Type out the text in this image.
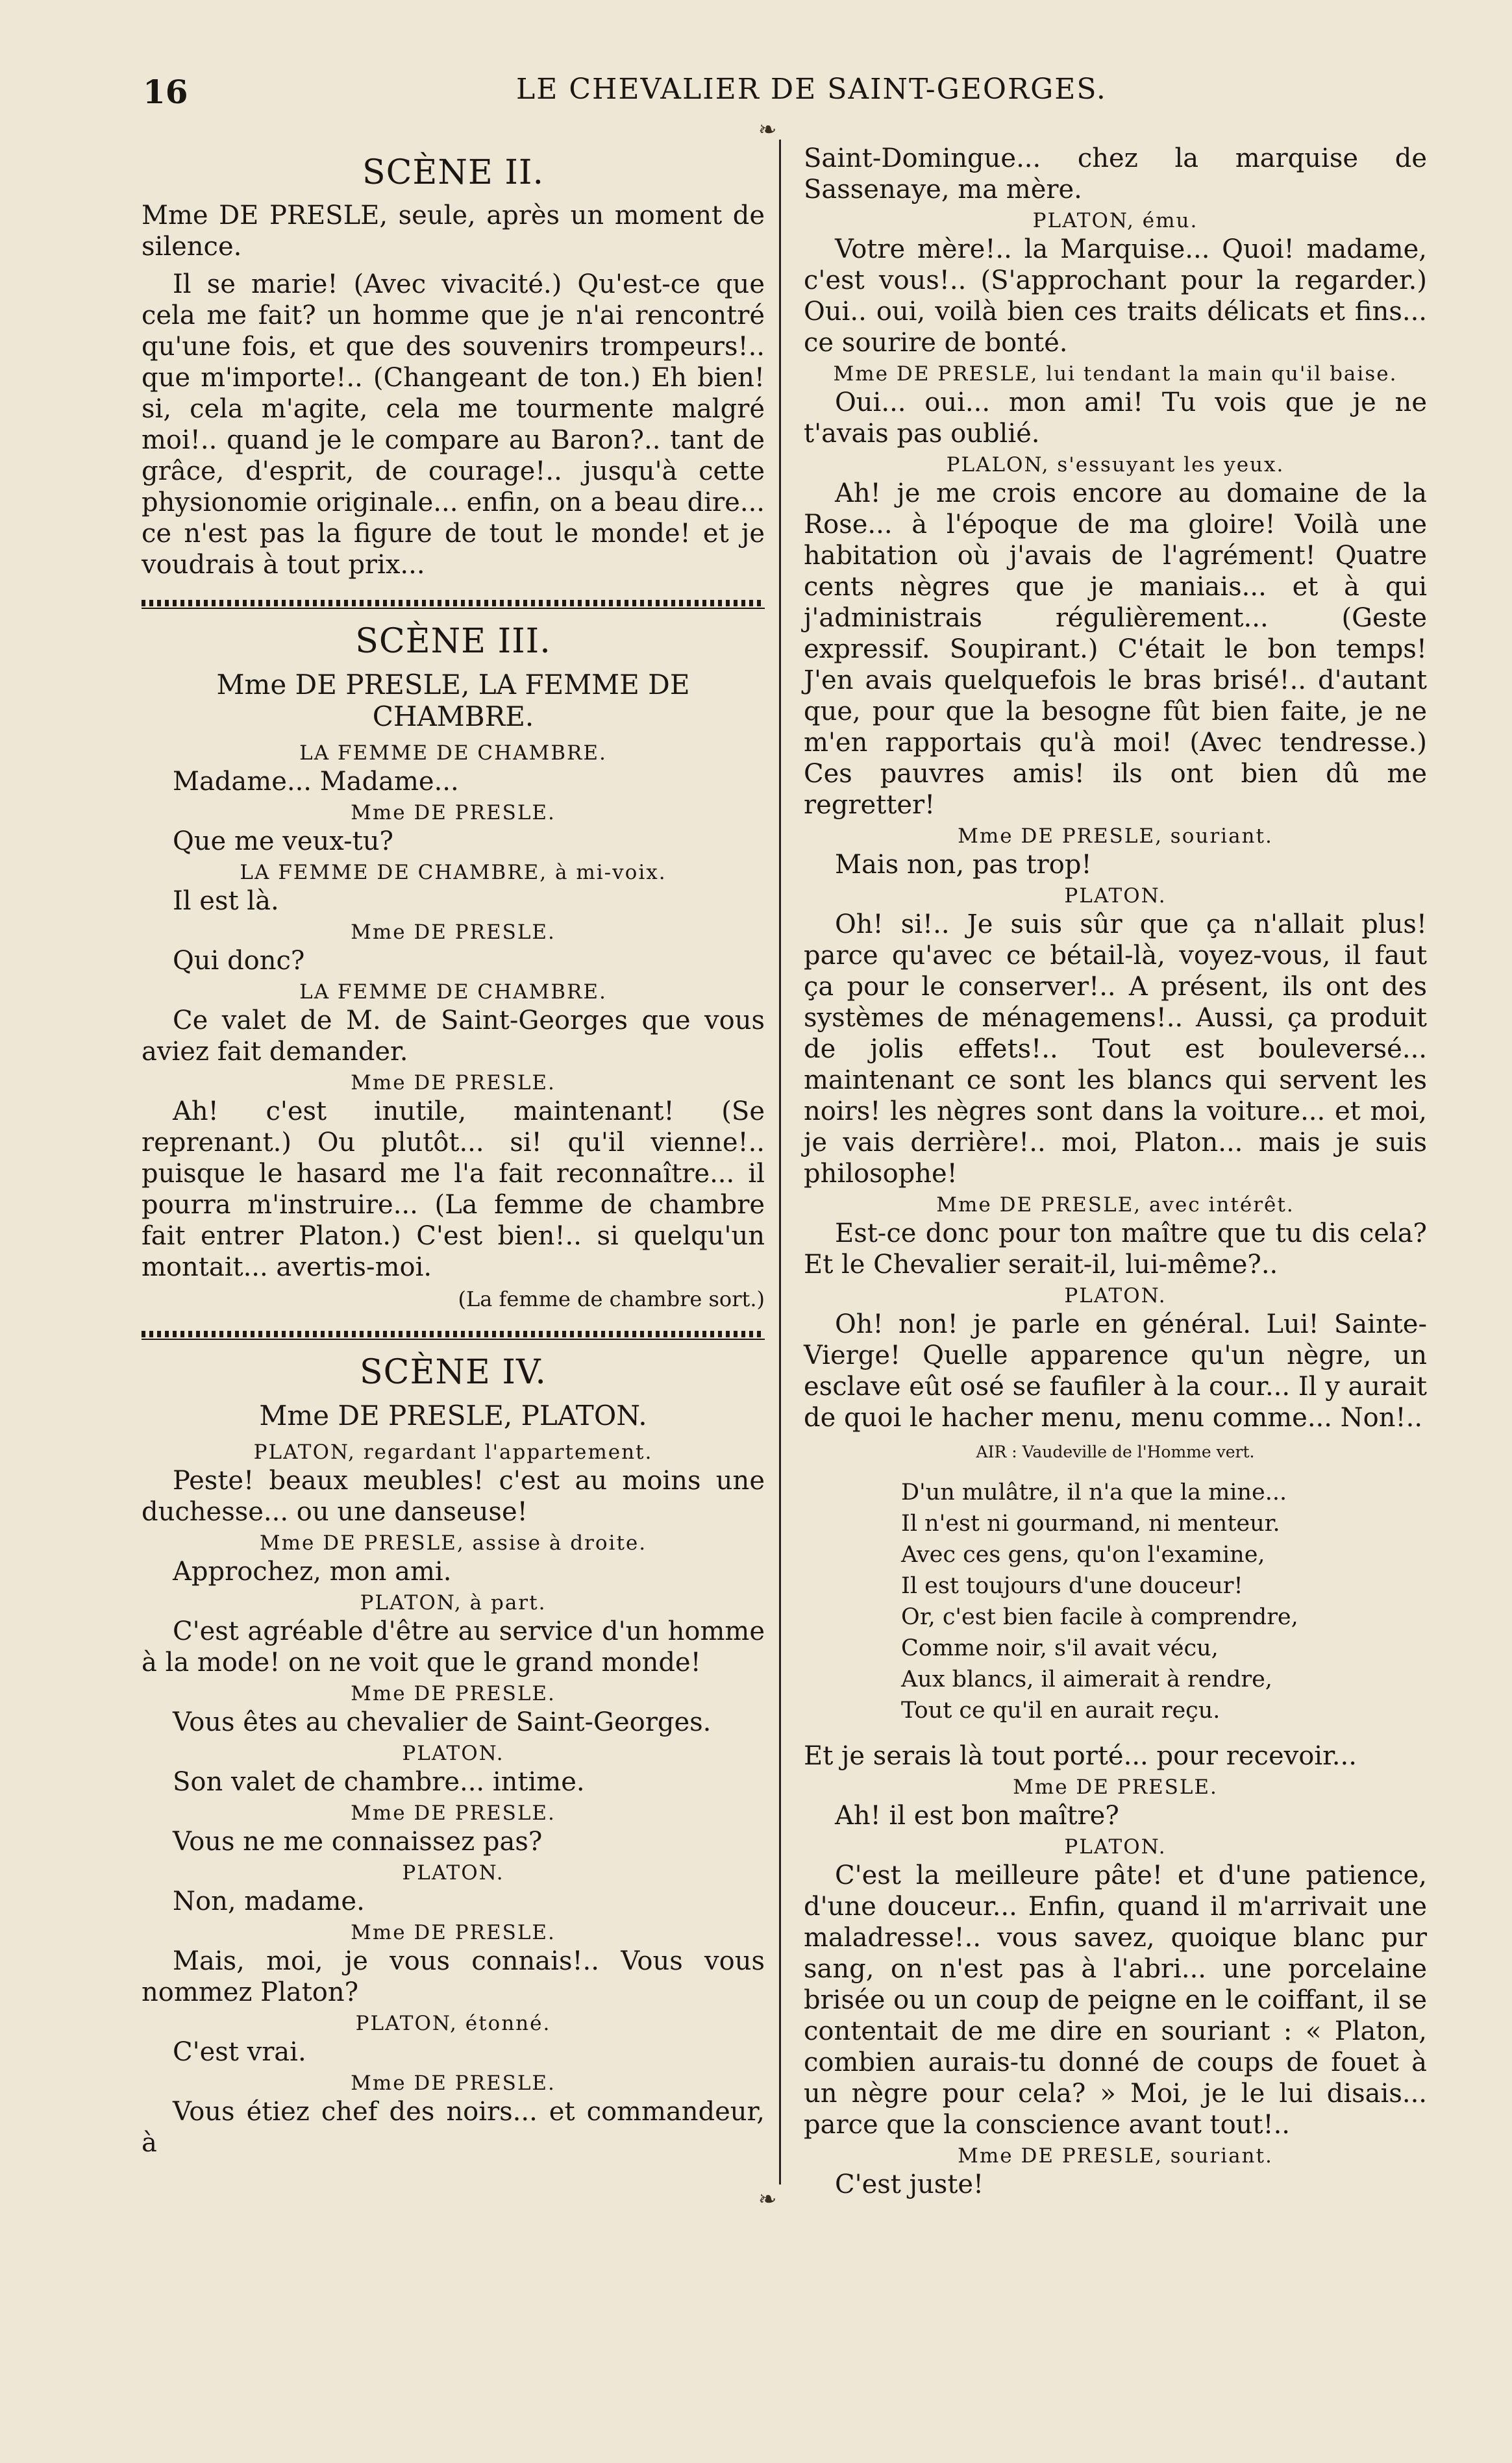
16	LE CHEVALIER DE SAINT-GEORGES.
❧
SCÈNE II.
Mme DE PRESLE, seule, après un moment de silence.
Il se marie! (Avec vivacité.) Qu'est-ce que cela me fait? un homme que je n'ai rencontré qu'une fois, et que des souvenirs trompeurs!.. que m'importe!.. (Changeant de ton.) Eh bien! si, cela m'agite, cela me tourmente malgré moi!.. quand je le compare au Baron?.. tant de grâce, d'esprit, de courage!.. jusqu'à cette physionomie originale... enfin, on a beau dire... ce n'est pas la figure de tout le monde! et je voudrais à tout prix...
SCÈNE III.
Mme DE PRESLE, LA FEMME DE CHAMBRE.
LA FEMME DE CHAMBRE.
Madame... Madame...
Mme DE PRESLE.
Que me veux-tu?
LA FEMME DE CHAMBRE, à mi-voix.
Il est là.
Mme DE PRESLE.
Qui donc?
LA FEMME DE CHAMBRE.
Ce valet de M. de Saint-Georges que vous aviez fait demander.
Mme DE PRESLE.
Ah! c'est inutile, maintenant! (Se reprenant.) Ou plutôt... si! qu'il vienne!.. puisque le hasard me l'a fait reconnaître... il pourra m'instruire... (La femme de chambre fait entrer Platon.) C'est bien!.. si quelqu'un montait... avertis-moi.
(La femme de chambre sort.)
SCÈNE IV.
Mme DE PRESLE, PLATON.
PLATON, regardant l'appartement.
Peste! beaux meubles! c'est au moins une duchesse... ou une danseuse!
Mme DE PRESLE, assise à droite.
Approchez, mon ami.
PLATON, à part.
C'est agréable d'être au service d'un homme à la mode! on ne voit que le grand monde!
Mme DE PRESLE.
Vous êtes au chevalier de Saint-Georges.
PLATON.
Son valet de chambre... intime.
Mme DE PRESLE.
Vous ne me connaissez pas?
PLATON.
Non, madame.
Mme DE PRESLE.
Mais, moi, je vous connais!.. Vous vous nommez Platon?
PLATON, étonné.
C'est vrai.
Mme DE PRESLE.
Vous étiez chef des noirs... et commandeur, à
Saint-Domingue... chez la marquise de Sassenaye, ma mère.
PLATON, ému.
Votre mère!.. la Marquise... Quoi! madame, c'est vous!.. (S'approchant pour la regarder.) Oui.. oui, voilà bien ces traits délicats et fins... ce sourire de bonté.
Mme DE PRESLE, lui tendant la main qu'il baise.
Oui... oui... mon ami! Tu vois que je ne t'avais pas oublié.
PLALON, s'essuyant les yeux.
Ah! je me crois encore au domaine de la Rose... à l'époque de ma gloire! Voilà une habitation où j'avais de l'agrément! Quatre cents nègres que je maniais... et à qui j'administrais régulièrement... (Geste expressif. Soupirant.) C'était le bon temps! J'en avais quelquefois le bras brisé!.. d'autant que, pour que la besogne fût bien faite, je ne m'en rapportais qu'à moi! (Avec tendresse.) Ces pauvres amis! ils ont bien dû me regretter!
Mme DE PRESLE, souriant.
Mais non, pas trop!
PLATON.
Oh! si!.. Je suis sûr que ça n'allait plus! parce qu'avec ce bétail-là, voyez-vous, il faut ça pour le conserver!.. A présent, ils ont des systèmes de ménagemens!.. Aussi, ça produit de jolis effets!.. Tout est bouleversé... maintenant ce sont les blancs qui servent les noirs! les nègres sont dans la voiture... et moi, je vais derrière!.. moi, Platon... mais je suis philosophe!
Mme DE PRESLE, avec intérêt.
Est-ce donc pour ton maître que tu dis cela? Et le Chevalier serait-il, lui-même?..
PLATON.
Oh! non! je parle en général. Lui! Sainte-Vierge! Quelle apparence qu'un nègre, un esclave eût osé se faufiler à la cour... Il y aurait de quoi le hacher menu, menu comme... Non!..
AIR : Vaudeville de l'Homme vert.
D'un mulâtre, il n'a que la mine...
Il n'est ni gourmand, ni menteur.
Avec ces gens, qu'on l'examine,
Il est toujours d'une douceur!
Or, c'est bien facile à comprendre,
Comme noir, s'il avait vécu,
Aux blancs, il aimerait à rendre,
Tout ce qu'il en aurait reçu.
Et je serais là tout porté... pour recevoir...
Mme DE PRESLE.
Ah! il est bon maître?
PLATON.
C'est la meilleure pâte! et d'une patience, d'une douceur... Enfin, quand il m'arrivait une maladresse!.. vous savez, quoique blanc pur sang, on n'est pas à l'abri... une porcelaine brisée ou un coup de peigne en le coiffant, il se contentait de me dire en souriant : « Platon, combien aurais-tu donné de coups de fouet à un nègre pour cela? » Moi, je le lui disais... parce que la conscience avant tout!..
Mme DE PRESLE, souriant.
C'est juste!
❧
